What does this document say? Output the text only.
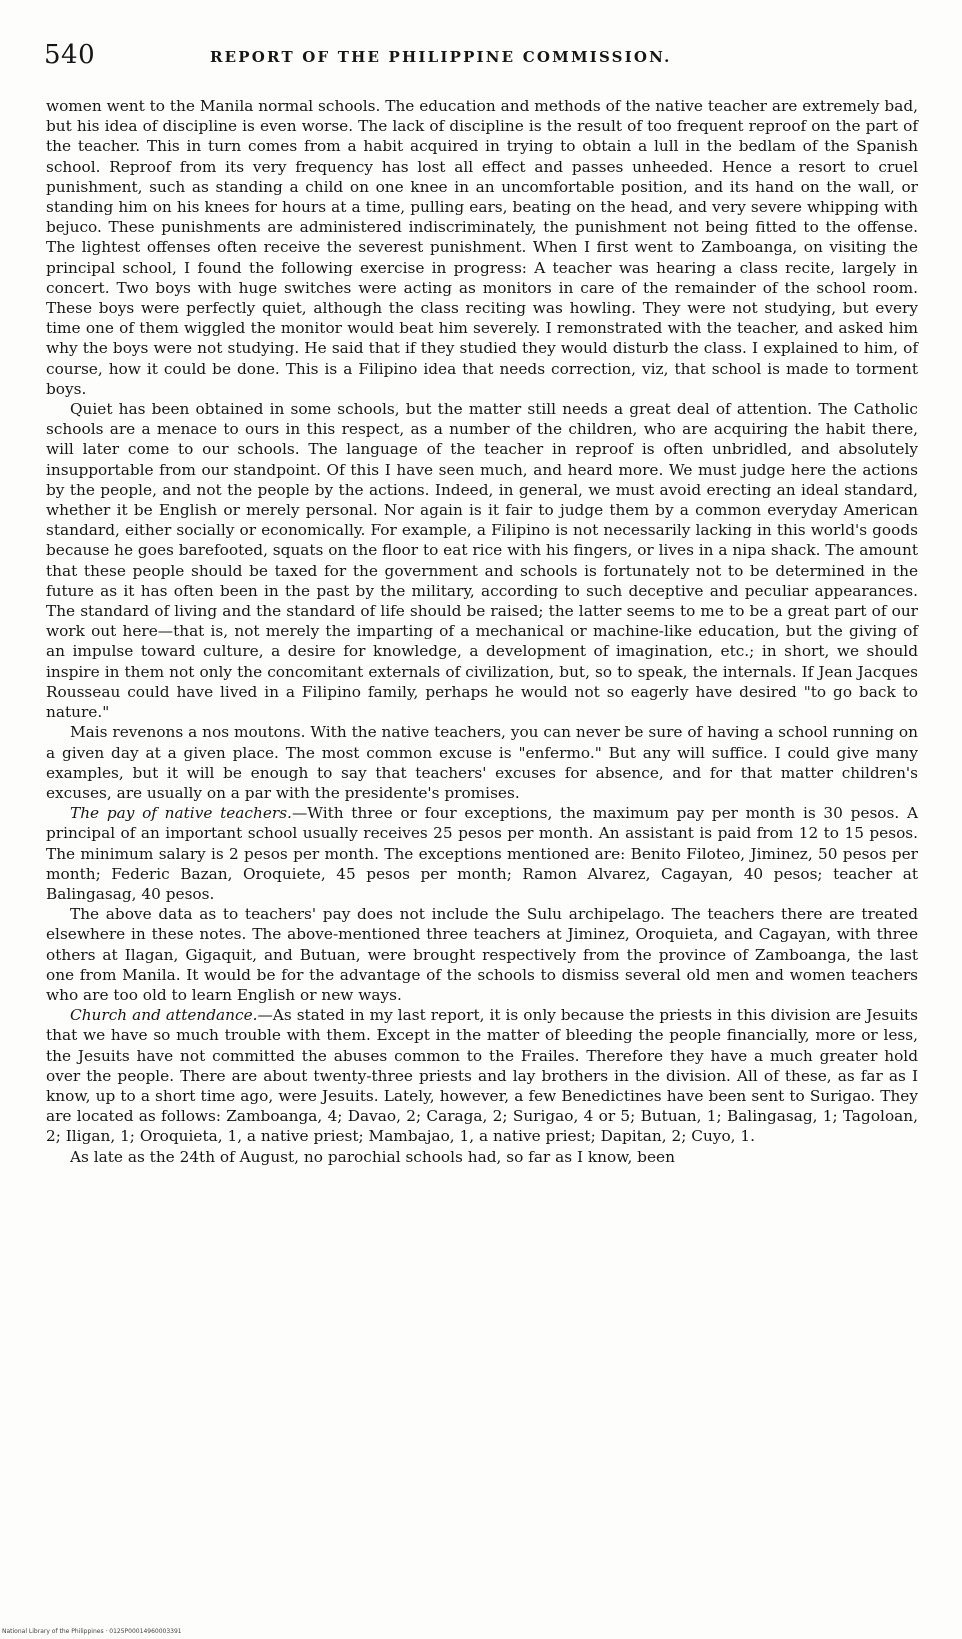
540	REPORT OF THE PHILIPPINE COMMISSION.

women went to the Manila normal schools. The education and methods of the native teacher are extremely bad, but his idea of discipline is even worse. The lack of discipline is the result of too frequent reproof on the part of the teacher. This in turn comes from a habit acquired in trying to obtain a lull in the bedlam of the Spanish school. Reproof from its very frequency has lost all effect and passes unheeded. Hence a resort to cruel punishment, such as standing a child on one knee in an uncomfortable position, and its hand on the wall, or standing him on his knees for hours at a time, pulling ears, beating on the head, and very severe whipping with bejuco. These punishments are administered indiscriminately, the punishment not being fitted to the offense. The lightest offenses often receive the severest punishment. When I first went to Zamboanga, on visiting the principal school, I found the following exercise in progress: A teacher was hearing a class recite, largely in concert. Two boys with huge switches were acting as monitors in care of the remainder of the school room. These boys were perfectly quiet, although the class reciting was howling. They were not studying, but every time one of them wiggled the monitor would beat him severely. I remonstrated with the teacher, and asked him why the boys were not studying. He said that if they studied they would disturb the class. I explained to him, of course, how it could be done. This is a Filipino idea that needs correction, viz, that school is made to torment boys.

Quiet has been obtained in some schools, but the matter still needs a great deal of attention. The Catholic schools are a menace to ours in this respect, as a number of the children, who are acquiring the habit there, will later come to our schools. The language of the teacher in reproof is often unbridled, and absolutely insupportable from our standpoint. Of this I have seen much, and heard more. We must judge here the actions by the people, and not the people by the actions. Indeed, in general, we must avoid erecting an ideal standard, whether it be English or merely personal. Nor again is it fair to judge them by a common everyday American standard, either socially or economically. For example, a Filipino is not necessarily lacking in this world's goods because he goes barefooted, squats on the floor to eat rice with his fingers, or lives in a nipa shack. The amount that these people should be taxed for the government and schools is fortunately not to be determined in the future as it has often been in the past by the military, according to such deceptive and peculiar appearances. The standard of living and the standard of life should be raised; the latter seems to me to be a great part of our work out here—that is, not merely the imparting of a mechanical or machine-like education, but the giving of an impulse toward culture, a desire for knowledge, a development of imagination, etc.; in short, we should inspire in them not only the concomitant externals of civilization, but, so to speak, the internals. If Jean Jacques Rousseau could have lived in a Filipino family, perhaps he would not so eagerly have desired "to go back to nature."

Mais revenons a nos moutons. With the native teachers, you can never be sure of having a school running on a given day at a given place. The most common excuse is "enfermo." But any will suffice. I could give many examples, but it will be enough to say that teachers' excuses for absence, and for that matter children's excuses, are usually on a par with the presidente's promises.

The pay of native teachers.—With three or four exceptions, the maximum pay per month is 30 pesos. A principal of an important school usually receives 25 pesos per month. An assistant is paid from 12 to 15 pesos. The minimum salary is 2 pesos per month. The exceptions mentioned are: Benito Filoteo, Jiminez, 50 pesos per month; Federic Bazan, Oroquiete, 45 pesos per month; Ramon Alvarez, Cagayan, 40 pesos; teacher at Balingasag, 40 pesos.

The above data as to teachers' pay does not include the Sulu archipelago. The teachers there are treated elsewhere in these notes. The above-mentioned three teachers at Jiminez, Oroquieta, and Cagayan, with three others at Ilagan, Gigaquit, and Butuan, were brought respectively from the province of Zamboanga, the last one from Manila. It would be for the advantage of the schools to dismiss several old men and women teachers who are too old to learn English or new ways.

Church and attendance.—As stated in my last report, it is only because the priests in this division are Jesuits that we have so much trouble with them. Except in the matter of bleeding the people financially, more or less, the Jesuits have not committed the abuses common to the Frailes. Therefore they have a much greater hold over the people. There are about twenty-three priests and lay brothers in the division. All of these, as far as I know, up to a short time ago, were Jesuits. Lately, however, a few Benedictines have been sent to Surigao. They are located as follows: Zamboanga, 4; Davao, 2; Caraga, 2; Surigao, 4 or 5; Butuan, 1; Balingasag, 1; Tagoloan, 2; Iligan, 1; Oroquieta, 1, a native priest; Mambajao, 1, a native priest; Dapitan, 2; Cuyo, 1.

As late as the 24th of August, no parochial schools had, so far as I know, been

National Library of the Philippines · 0125P00014960003391
